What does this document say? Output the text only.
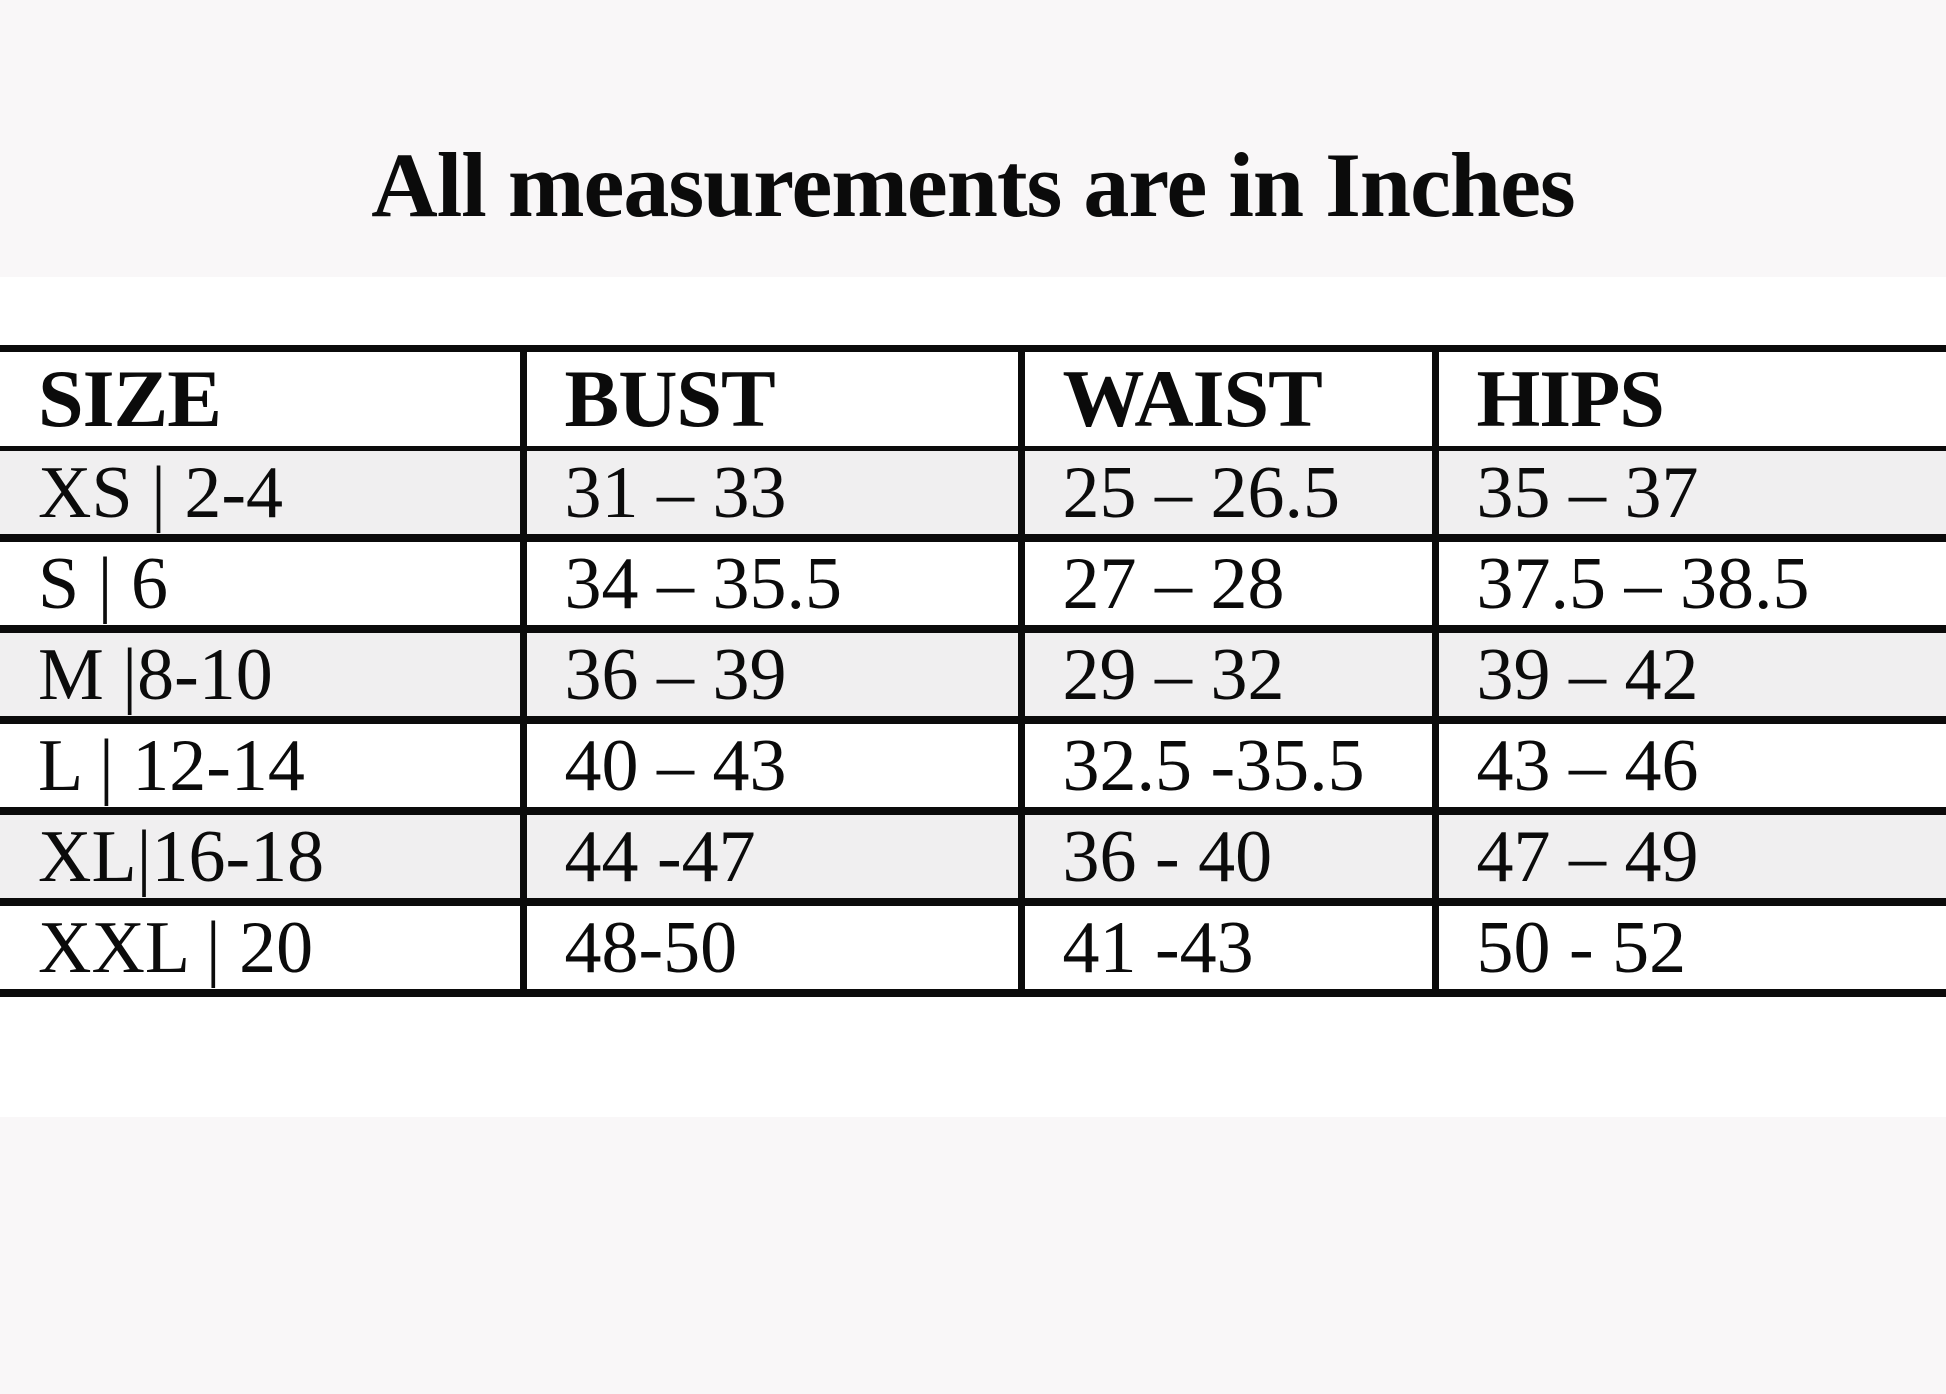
All measurements are in Inches
SIZE	BUST	WAIST	HIPS
XS | 2-4	31 – 33	25 – 26.5	35 – 37
S | 6	34 – 35.5	27 – 28	37.5 – 38.5
M |8-10	36 – 39	29 – 32	39 – 42
L | 12-14	40 – 43	32.5 -35.5	43 – 46
XL|16-18	44 -47	36 - 40	47 – 49
XXL | 20	48-50	41 -43	50 - 52
